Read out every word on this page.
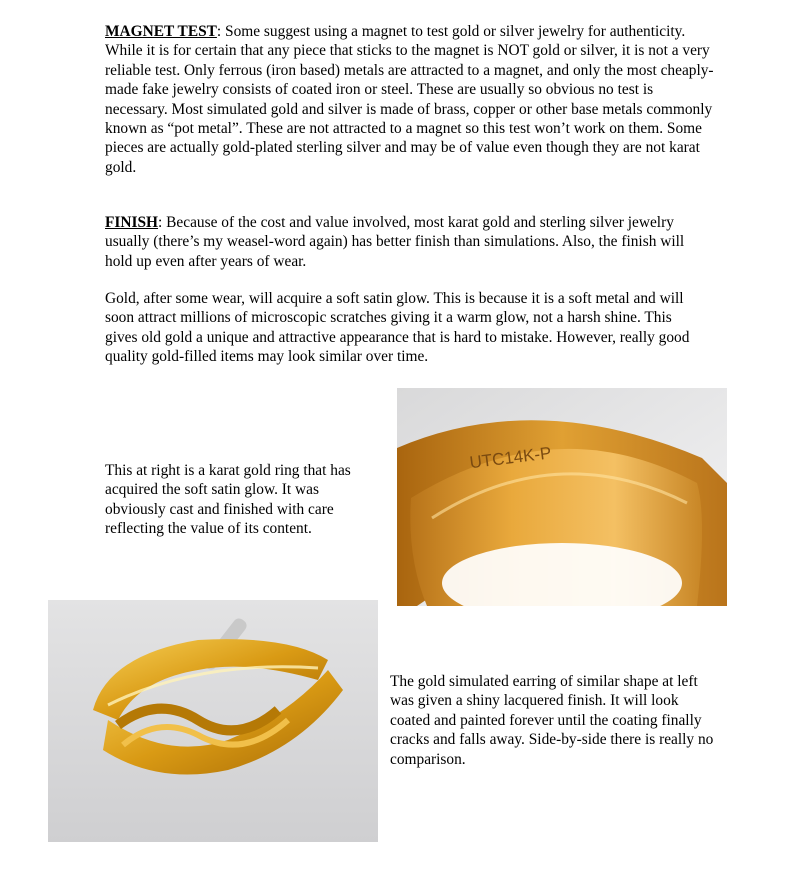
MAGNET TEST: Some suggest using a magnet to test gold or silver jewelry for authenticity. While it is for certain that any piece that sticks to the magnet is NOT gold or silver, it is not a very reliable test. Only ferrous (iron based) metals are attracted to a magnet, and only the most cheaply-made fake jewelry consists of coated iron or steel. These are usually so obvious no test is necessary. Most simulated gold and silver is made of brass, copper or other base metals commonly known as “pot metal”. These are not attracted to a magnet so this test won’t work on them. Some pieces are actually gold-plated sterling silver and may be of value even though they are not karat gold.

FINISH: Because of the cost and value involved, most karat gold and sterling silver jewelry usually (there’s my weasel-word again) has better finish than simulations. Also, the finish will hold up even after years of wear.

Gold, after some wear, will acquire a soft satin glow. This is because it is a soft metal and will soon attract millions of microscopic scratches giving it a warm glow, not a harsh shine. This gives old gold a unique and attractive appearance that is hard to mistake. However, really good quality gold-filled items may look similar over time.

This at right is a karat gold ring that has acquired the soft satin glow. It was obviously cast and finished with care reflecting the value of its content.

UTC14K-P

The gold simulated earring of similar shape at left was given a shiny lacquered finish. It will look coated and painted forever until the coating finally cracks and falls away. Side-by-side there is really no comparison.
